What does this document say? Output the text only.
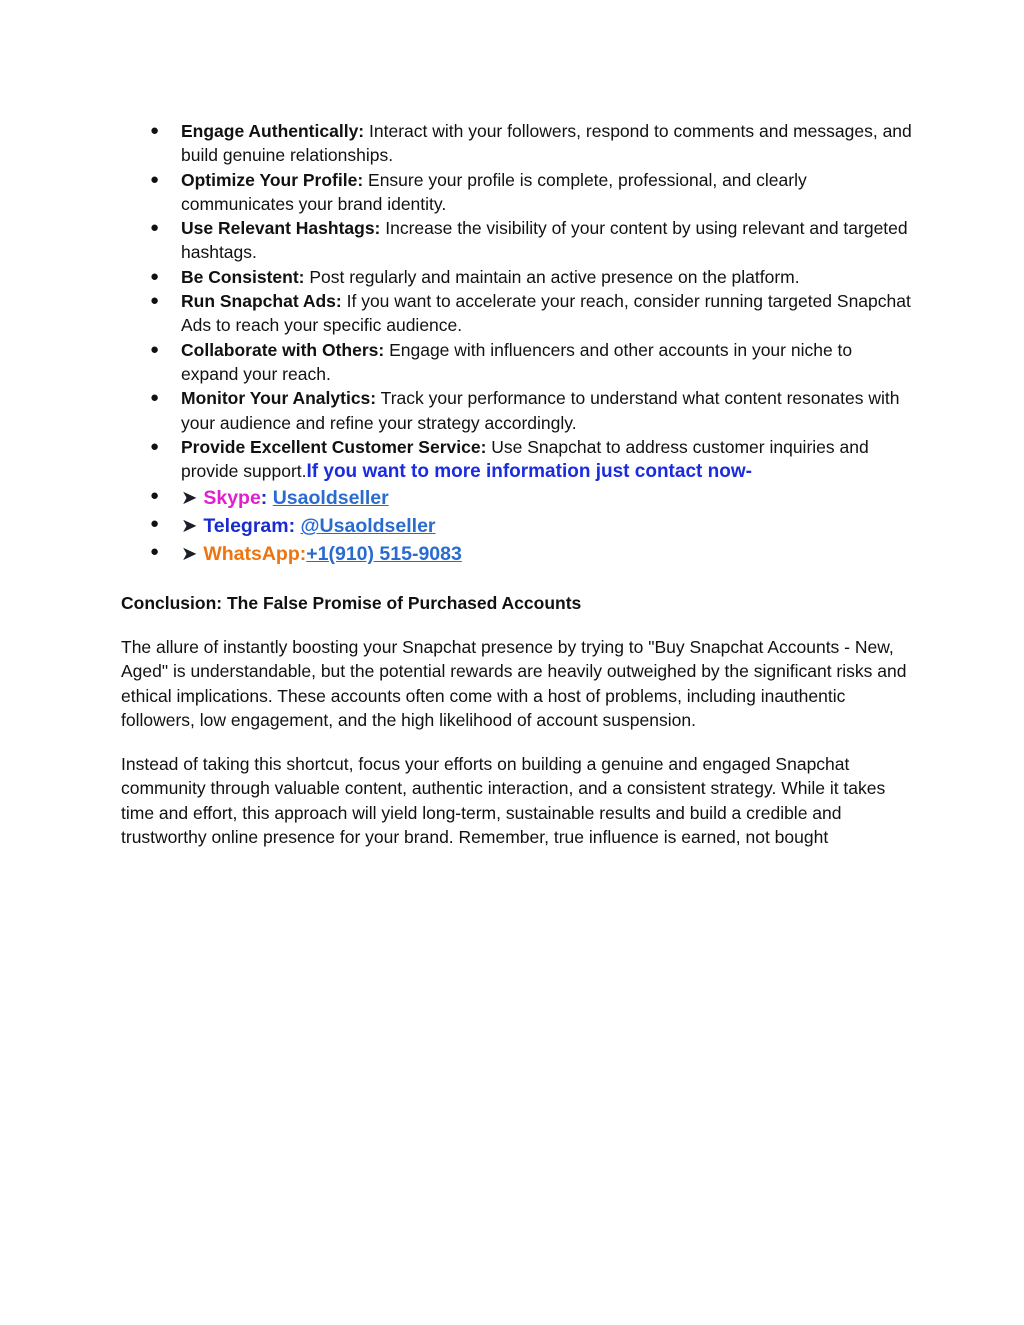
●	Engage Authentically: Interact with your followers, respond to comments and messages, and build genuine relationships.
●	Optimize Your Profile: Ensure your profile is complete, professional, and clearly communicates your brand identity.
●	Use Relevant Hashtags: Increase the visibility of your content by using relevant and targeted hashtags.
●	Be Consistent: Post regularly and maintain an active presence on the platform.
●	Run Snapchat Ads: If you want to accelerate your reach, consider running targeted Snapchat Ads to reach your specific audience.
●	Collaborate with Others: Engage with influencers and other accounts in your niche to expand your reach.
●	Monitor Your Analytics: Track your performance to understand what content resonates with your audience and refine your strategy accordingly.
●	Provide Excellent Customer Service: Use Snapchat to address customer inquiries and provide support.If you want to more information just contact now-
●	➤ Skype: Usaoldseller
●	➤ Telegram: @Usaoldseller
●	➤ WhatsApp:+1(910) 515-9083
Conclusion: The False Promise of Purchased Accounts

The allure of instantly boosting your Snapchat presence by trying to "Buy Snapchat Accounts - New, Aged" is understandable, but the potential rewards are heavily outweighed by the significant risks and ethical implications. These accounts often come with a host of problems, including inauthentic followers, low engagement, and the high likelihood of account suspension.

Instead of taking this shortcut, focus your efforts on building a genuine and engaged Snapchat community through valuable content, authentic interaction, and a consistent strategy. While it takes time and effort, this approach will yield long-term, sustainable results and build a credible and trustworthy online presence for your brand. Remember, true influence is earned, not bought
